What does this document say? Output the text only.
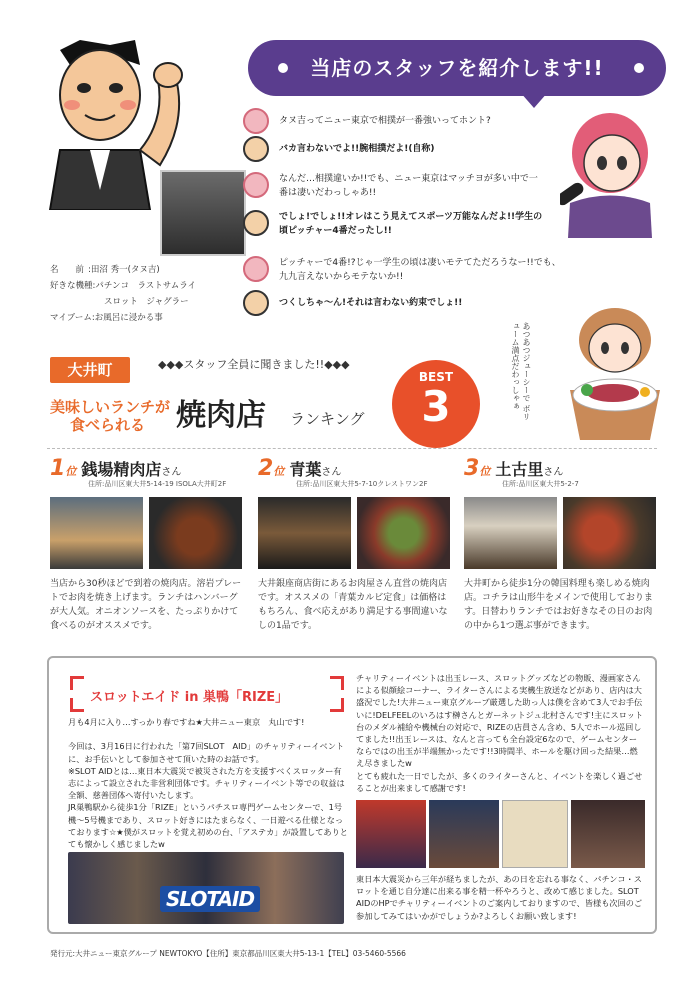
当店のスタッフを紹介します!!
名　　前 : 田沼 秀一(タヌ吉)
好きな機種 : パチンコ　ラストサムライ
スロット　ジャグラー
マイブーム : お風呂に浸かる事
タヌ吉ってニュー東京で相撲が一番強いってホント?
バカ言わないでよ!!腕相撲だよ!(自称)
なんだ…相撲違いか!!でも、ニュー東京はマッチヨが多い中で一番は凄いだわっしゃあ!!
でしょ!でしょ!!オレはこう見えてスポーツ万能なんだよ!!学生の頃ピッチャー4番だったし!!
ピッチャーで4番!?じゃ一学生の頃は凄いモテてただろうなー!!でも、九九言えないからモテないか!!
つくしちゃ〜ん!それは言わない約束でしょ!!
大井町	◆◆◆スタッフ全員に聞きました!!◆◆◆
美味しいランチが
食べられる 焼肉店 ランキング
BEST
3	あつあつジューシーで ボリューム満点だわっしゃぁ
1位 銭場精肉店さん
住所:品川区東大井5-14-19 ISOLA大井町2F
当店から30秒ほどで到着の焼肉店。溶岩プレートでお肉を焼き上げます。ランチはハンバーグが大人気。オニオンソースを、たっぷりかけて食べるのがオススメです。
2位 青葉さん
住所:品川区東大井5-7-10クレストワン2F
大井銀座商店街にあるお肉屋さん直営の焼肉店です。オススメの「青葉カルビ定食」は価格はもちろん、食べ応えがあり満足する事間違いなしの1品です。
3位 土古里さん
住所:品川区東大井5-2-7
大井町から徒歩1分の韓国料理も楽しめる焼肉店。コチラは山形牛をメインで使用しております。日替わりランチではお好きなその日のお肉の中から1つ選ぶ事ができます。
スロットエイド in 巣鴨「RIZE」
月も4月に入り…すっかり春ですね★大井ニュー東京　丸山です!

今回は、3月16日に行われた「第7回SLOT　AID」のチャリティーイベントに、お手伝いとして参加させて頂いた時のお話です。
※SLOT AIDとは…東日本大震災で被災された方を支援すべくスロッター有志によって設立された非営利団体です。チャリティーイベント等での収益は全額、慈善団体へ寄付いたします。
JR巣鴨駅から徒歩1分「RIZE」というパチスロ専門ゲームセンターで、1号機〜5号機まであり、スロット好きにはたまらなく、一日遊べる仕様となっております☆★僕がスロットを覚え初めの台、「アステカ」が設置してありとても懐かしく感じましたw
SLOTAID
チャリティーイベントは出玉レース、スロットグッズなどの物販、漫画家さんによる似顔絵コーナー、ライターさんによる実機生放送などがあり、店内は大盛況でした!大井ニュー東京グループ厳選した助っ人は僕を含めて3人でお手伝いに!DELFEELのいろはす榊さんとガーネットジュ北村さんです!主にスロット台のメダル補給や機械台の対応で、RIZEの店員さん含め、5人でホール巡回してました!!出玉レースは、なんと言っても全台設定6なので、ゲームセンターならではの出玉が半端無かったです!!3時間半、ホールを駆け回った結果…燃え尽きましたw
とても疲れた一日でしたが、多くのライターさんと、イベントを楽しく過ごせることが出来まして感謝です!
東日本大震災から三年が経ちましたが、あの日を忘れる事なく、パチンコ・スロットを通じ自分達に出来る事を精一杯やろうと、改めて感じました。SLOT AIDのHPでチャリティーイベントのご案内しておりますので、皆様も次回のご参加してみてはいかがでしょうか?よろしくお願い致します!
発行元:大井ニュー東京グループ NEWTOKYO【住所】東京都品川区東大井5-13-1【TEL】03-5460-5566
